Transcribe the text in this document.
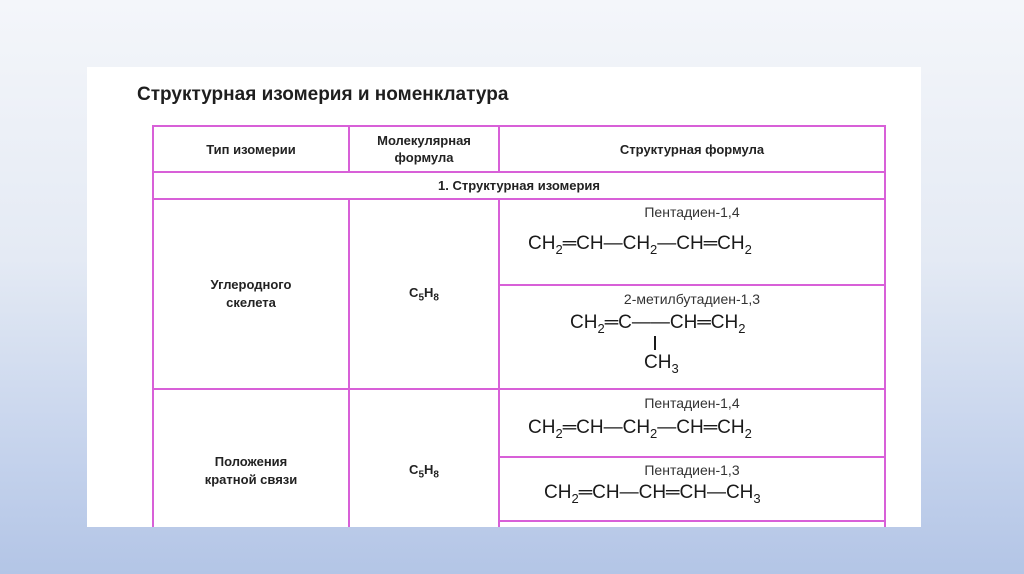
Структурная изомерия и номенклатура
Тип изомерии	Молекулярная формула	Структурная формула
1. Структурная изомерия		
Углеродного скелета	$C_5H_8$	Пентадиен-1,4
$CH_2═CH—CH_2—CH═CH_2$

		2-метилбутадиен-1,3
$CH_2═C——CH═CH_2$
$CH_3$

Положения кратной связи	$C_5H_8$	Пентадиен-1,4
$CH_2═CH—CH_2—CH═CH_2$

		Пентадиен-1,3
$CH_2═CH—CH═CH—CH_3$
